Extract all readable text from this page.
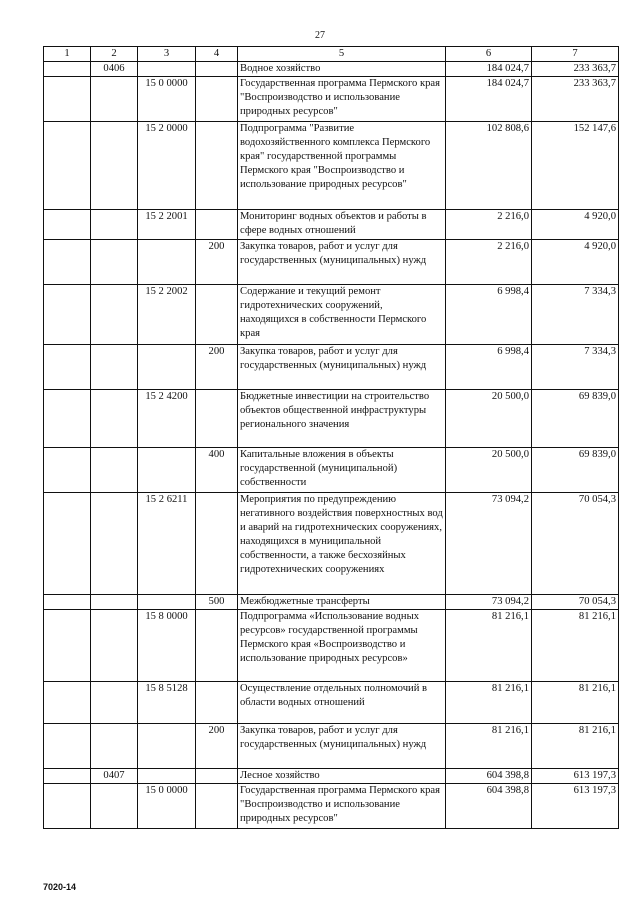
27
1	2	3	4	5	6	7
	0406			Водное хозяйство	184 024,7	233 363,7
		15 0 0000		Государственная программа Пермского края "Воспроизводство и использование природных ресурсов"	184 024,7	233 363,7
		15 2 0000		Подпрограмма "Развитие водохозяйственного комплекса Пермского края" государственной программы Пермского края "Воспроизводство и использование природных ресурсов"	102 808,6	152 147,6
		15 2 2001		Мониторинг водных объектов и работы в сфере водных отношений	2 216,0	4 920,0
			200	Закупка товаров, работ и услуг для государственных (муниципальных) нужд	2 216,0	4 920,0
		15 2 2002		Содержание и текущий ремонт гидротехнических сооружений, находящихся в собственности Пермского края	6 998,4	7 334,3
			200	Закупка товаров, работ и услуг для государственных (муниципальных) нужд	6 998,4	7 334,3
		15 2 4200		Бюджетные инвестиции на строительство объектов общественной инфраструктуры регионального значения	20 500,0	69 839,0
			400	Капитальные вложения в объекты государственной (муниципальной) собственности	20 500,0	69 839,0
		15 2 6211		Мероприятия по предупреждению негативного воздействия поверхностных вод и аварий на гидротехнических сооружениях, находящихся в муниципальной собственности, а также бесхозяйных гидротехнических сооружениях	73 094,2	70 054,3
			500	Межбюджетные трансферты	73 094,2	70 054,3
		15 8 0000		Подпрограмма «Использование водных ресурсов» государственной программы Пермского края «Воспроизводство и использование природных ресурсов»	81 216,1	81 216,1
		15 8 5128		Осуществление отдельных полномочий в области водных отношений	81 216,1	81 216,1
			200	Закупка товаров, работ и услуг для государственных (муниципальных) нужд	81 216,1	81 216,1
	0407			Лесное хозяйство	604 398,8	613 197,3
		15 0 0000		Государственная программа Пермского края "Воспроизводство и использование природных ресурсов"	604 398,8	613 197,3
7020-14
